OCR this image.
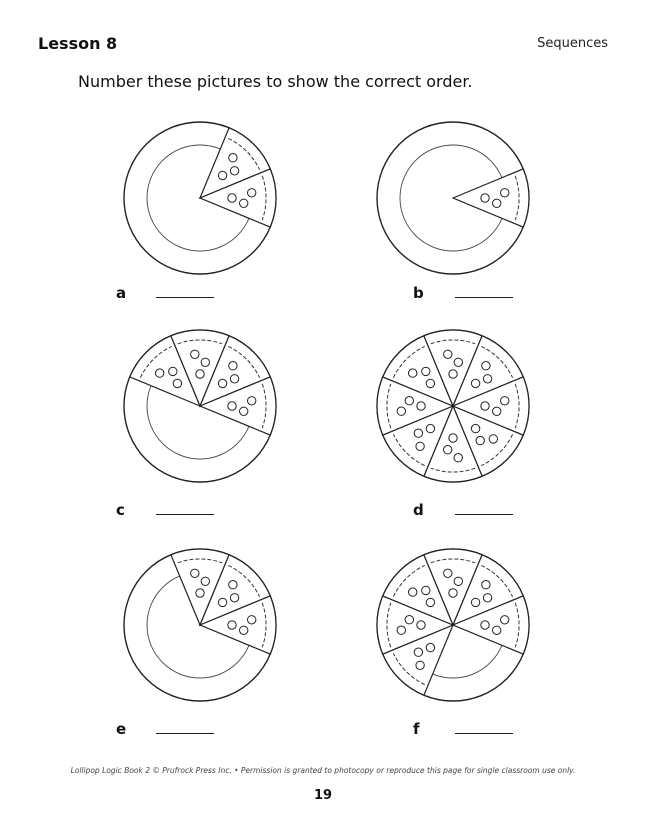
Lesson 8	Sequences
Number these pictures to show the correct order.
a	b
c	d
e	f
Lollipop Logic Book 2 © Prufrock Press Inc. • Permission is granted to photocopy or reproduce this page for single classroom use only.
19
